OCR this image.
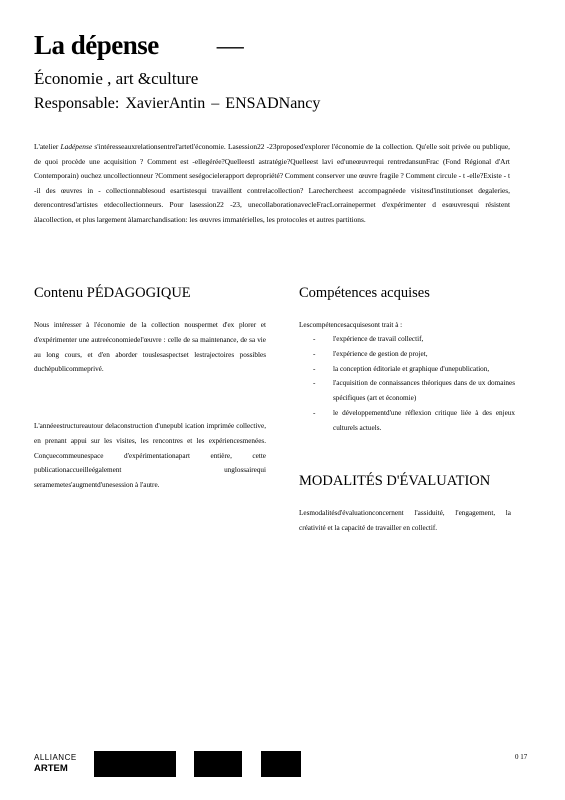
La dépense —
Économie , art &culture
Responsable: XavierAntin – ENSADNancy
L'atelier Ladépense s'intéresseauxrelationsentrel'artetl'économie. Lasession22 -23proposed'explorer l'économie de la collection. Qu'elle soit privée ou publique, de quoi procède une acquisition ? Comment est -ellegérée?Quelleestl astratégie?Quelleest lavi ed'uneœuvrequi rentredansunFrac (Fond Régional d'Art Contemporain) ouchez uncollectionneur ?Comment seségocielerapport depropriété? Comment conserver une œuvre fragile ? Comment circule - t -elle?Existe - t -il des œuvres in - collectionnablesoud esartistesqui travaillent contrelacollection? Larechercheest accompagnéede visitesd'institutionset degaleries, derencontresd'artistes etdecollectionneurs. Pour lasession22 -23, unecollaborationavecleFracLorrainepermet d'expérimenter d esœuvresqui résistent àlacollection, et plus largement àlamarchandisation: les œuvres immatérielles, les protocoles et autres partitions.
Contenu PÉDAGOGIQUE
Nous intéresser à l'économie de la collection nouspermet d'ex plorer et d'expérimenter une autreéconomiedel'œuvre : celle de sa maintenance, de sa vie au long cours, et d'en aborder touslesaspectset lestrajectoires possibles duchèpublicommeprivé.
L'annéeestructureautour delaconstruction d'unepubl ication imprimée collective, en prenant appui sur les visites, les rencontres et les expériencesmenées. Conçuecommeunespace d'expérimentationapart entière, cette publicationaccueilleégalement unglossairequi seramemetes'augmentd'unesession à l'autre.
Compétences acquises
Lescompétencesacquisesont trait à :
- l'expérience de travail collectif,
- l'expérience de gestion de projet,
- la conception éditoriale et graphique d'unepublication,
- l'acquisition de connaissances théoriques dans de ux domaines spécifiques (art et économie)
- le développementd'une réflexion critique liée à des enjeux culturels actuels.
MODALITÉS D'ÉVALUATION
Lesmodalitésd'évaluationconcernent l'assiduité, l'engagement, la créativité et la capacité de travailler en collectif.
ALLIANCE
ARTEM
0 17
